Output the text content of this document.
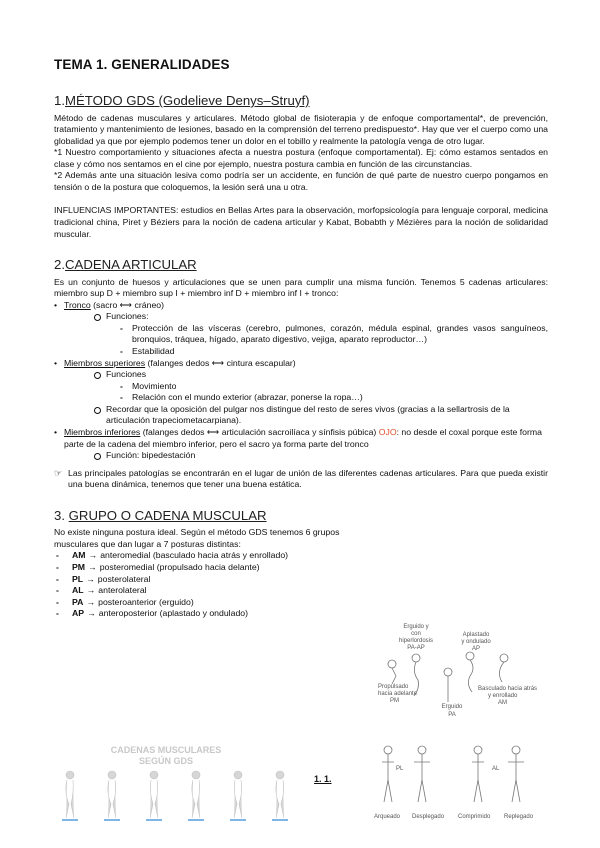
TEMA 1. GENERALIDADES
1.MÉTODO GDS (Godelieve Denys–Struyf)
Método de cadenas musculares y articulares. Método global de fisioterapia y de enfoque comportamental*, de prevención, tratamiento y mantenimiento de lesiones, basado en la comprensión del terreno predispuesto*. Hay que ver el cuerpo como una globalidad ya que por ejemplo podemos tener un dolor en el tobillo y realmente la patología venga de otro lugar.
*1 Nuestro comportamiento y situaciones afecta a nuestra postura (enfoque comportamental). Ej: cómo estamos sentados en clase y cómo nos sentamos en el cine por ejemplo, nuestra postura cambia en función de las circunstancias.
*2 Además ante una situación lesiva como podría ser un accidente, en función de qué parte de nuestro cuerpo pongamos en tensión o de la postura que coloquemos, la lesión será una u otra.
INFLUENCIAS IMPORTANTES: estudios en Bellas Artes para la observación, morfopsicología para lenguaje corporal, medicina tradicional china, Piret y Béziers para la noción de cadena articular y Kabat, Bobabth y Mézières para la noción de solidaridad muscular.
2.CADENA ARTICULAR
Es un conjunto de huesos y articulaciones que se unen para cumplir una misma función. Tenemos 5 cadenas articulares: miembro sup D + miembro sup I + miembro inf D + miembro inf I + tronco:
• Tronco (sacro ⟷ cráneo)
Funciones:
- Protección de las vísceras (cerebro, pulmones, corazón, médula espinal, grandes vasos sanguíneos, bronquios, tráquea, hígado, aparato digestivo, vejiga, aparato reproductor…)
- Estabilidad
• Miembros superiores (falanges dedos ⟷ cintura escapular)
Funciones
- Movimiento
- Relación con el mundo exterior (abrazar, ponerse la ropa…)
Recordar que la oposición del pulgar nos distingue del resto de seres vivos (gracias a la sellartrosis de la articulación trapeciometacarpiana).
• Miembros inferiores (falanges dedos ⟷ articulación sacroilíaca y sínfisis púbica) OJO: no desde el coxal porque este forma parte de la cadena del miembro inferior, pero el sacro ya forma parte del tronco
Función: bipedestación
☞ Las principales patologías se encontrarán en el lugar de unión de las diferentes cadenas articulares. Para que pueda existir una buena dinámica, tenemos que tener una buena estática.
3. GRUPO O CADENA MUSCULAR
No existe ninguna postura ideal. Según el método GDS tenemos 6 grupos musculares que dan lugar a 7 posturas distintas:
- AM → anteromedial (basculado hacia atrás y enrollado)
- PM → posteromedial (propulsado hacia delante)
- PL → posterolateral
- AL → anterolateral
- PA → posteroanterior (erguido)
- AP → anteroposterior (aplastado y ondulado)
CADENAS MUSCULARES
SEGÚN GDS
1. 1.
Erguido y
con
hiperlordosis
PA-AP
Aplastado
y ondulado
AP
Propulsado
hacia adelante
PM
Erguido
PA
Basculado hacia atrás
y enrollado
AM
PL	AL
Arqueado Desplegado Comprimido Replegado
